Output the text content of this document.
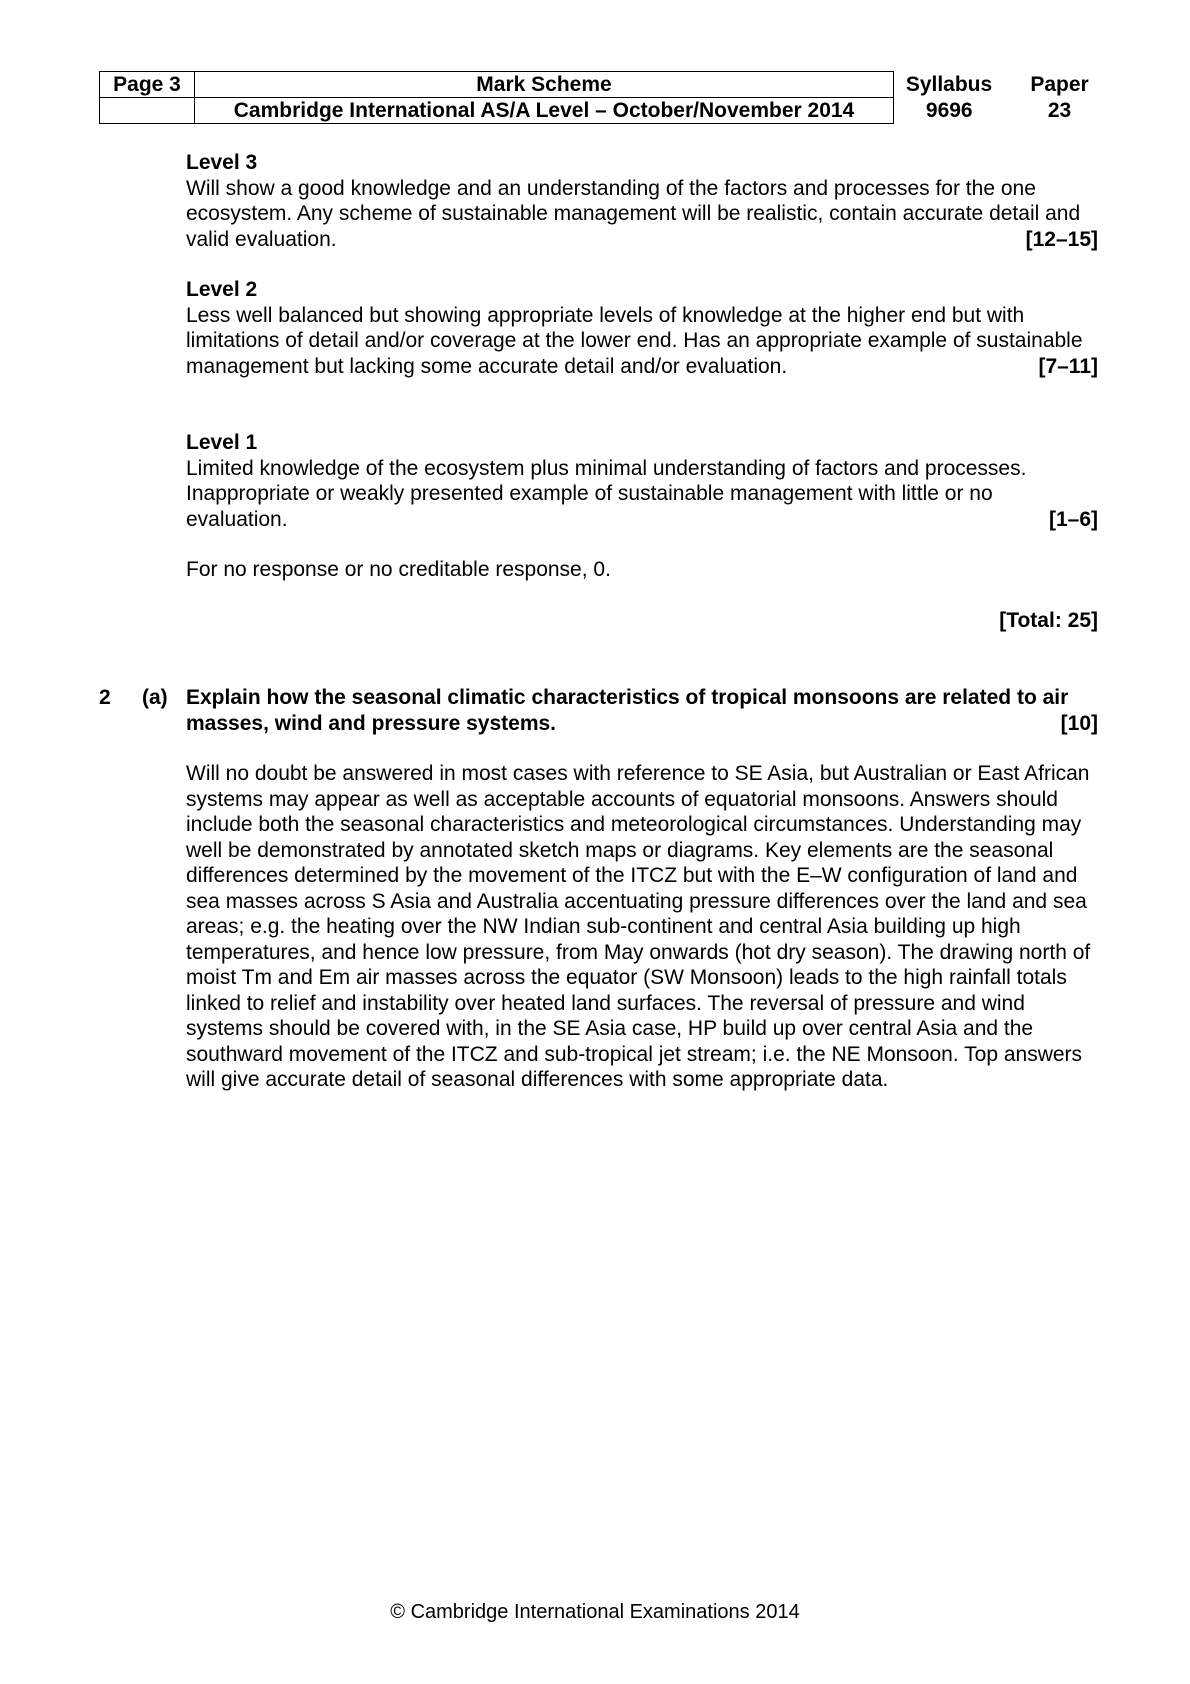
Page 3	Mark Scheme	Syllabus	Paper
	Cambridge International AS/A Level – October/November 2014	9696	23

Level 3

Will show a good knowledge and an understanding of the factors and processes for the one ecosystem. Any scheme of sustainable management will be realistic, contain accurate detail and valid evaluation.	[12–15]

Level 2

Less well balanced but showing appropriate levels of knowledge at the higher end but with limitations of detail and/or coverage at the lower end. Has an appropriate example of sustainable management but lacking some accurate detail and/or evaluation.	[7–11]

Level 1

Limited knowledge of the ecosystem plus minimal understanding of factors and processes. Inappropriate or weakly presented example of sustainable management with little or no evaluation.	[1–6]

For no response or no creditable response, 0.
[Total: 25]
2 (a) Explain how the seasonal climatic characteristics of tropical monsoons are related to air masses, wind and pressure systems.	[10]
Will no doubt be answered in most cases with reference to SE Asia, but Australian or East African systems may appear as well as acceptable accounts of equatorial monsoons. Answers should include both the seasonal characteristics and meteorological circumstances. Understanding may well be demonstrated by annotated sketch maps or diagrams. Key elements are the seasonal differences determined by the movement of the ITCZ but with the E–W configuration of land and sea masses across S Asia and Australia accentuating pressure differences over the land and sea areas; e.g. the heating over the NW Indian sub-continent and central Asia building up high temperatures, and hence low pressure, from May onwards (hot dry season). The drawing north of moist Tm and Em air masses across the equator (SW Monsoon) leads to the high rainfall totals linked to relief and instability over heated land surfaces. The reversal of pressure and wind systems should be covered with, in the SE Asia case, HP build up over central Asia and the southward movement of the ITCZ and sub-tropical jet stream; i.e. the NE Monsoon. Top answers will give accurate detail of seasonal differences with some appropriate data.
© Cambridge International Examinations 2014
